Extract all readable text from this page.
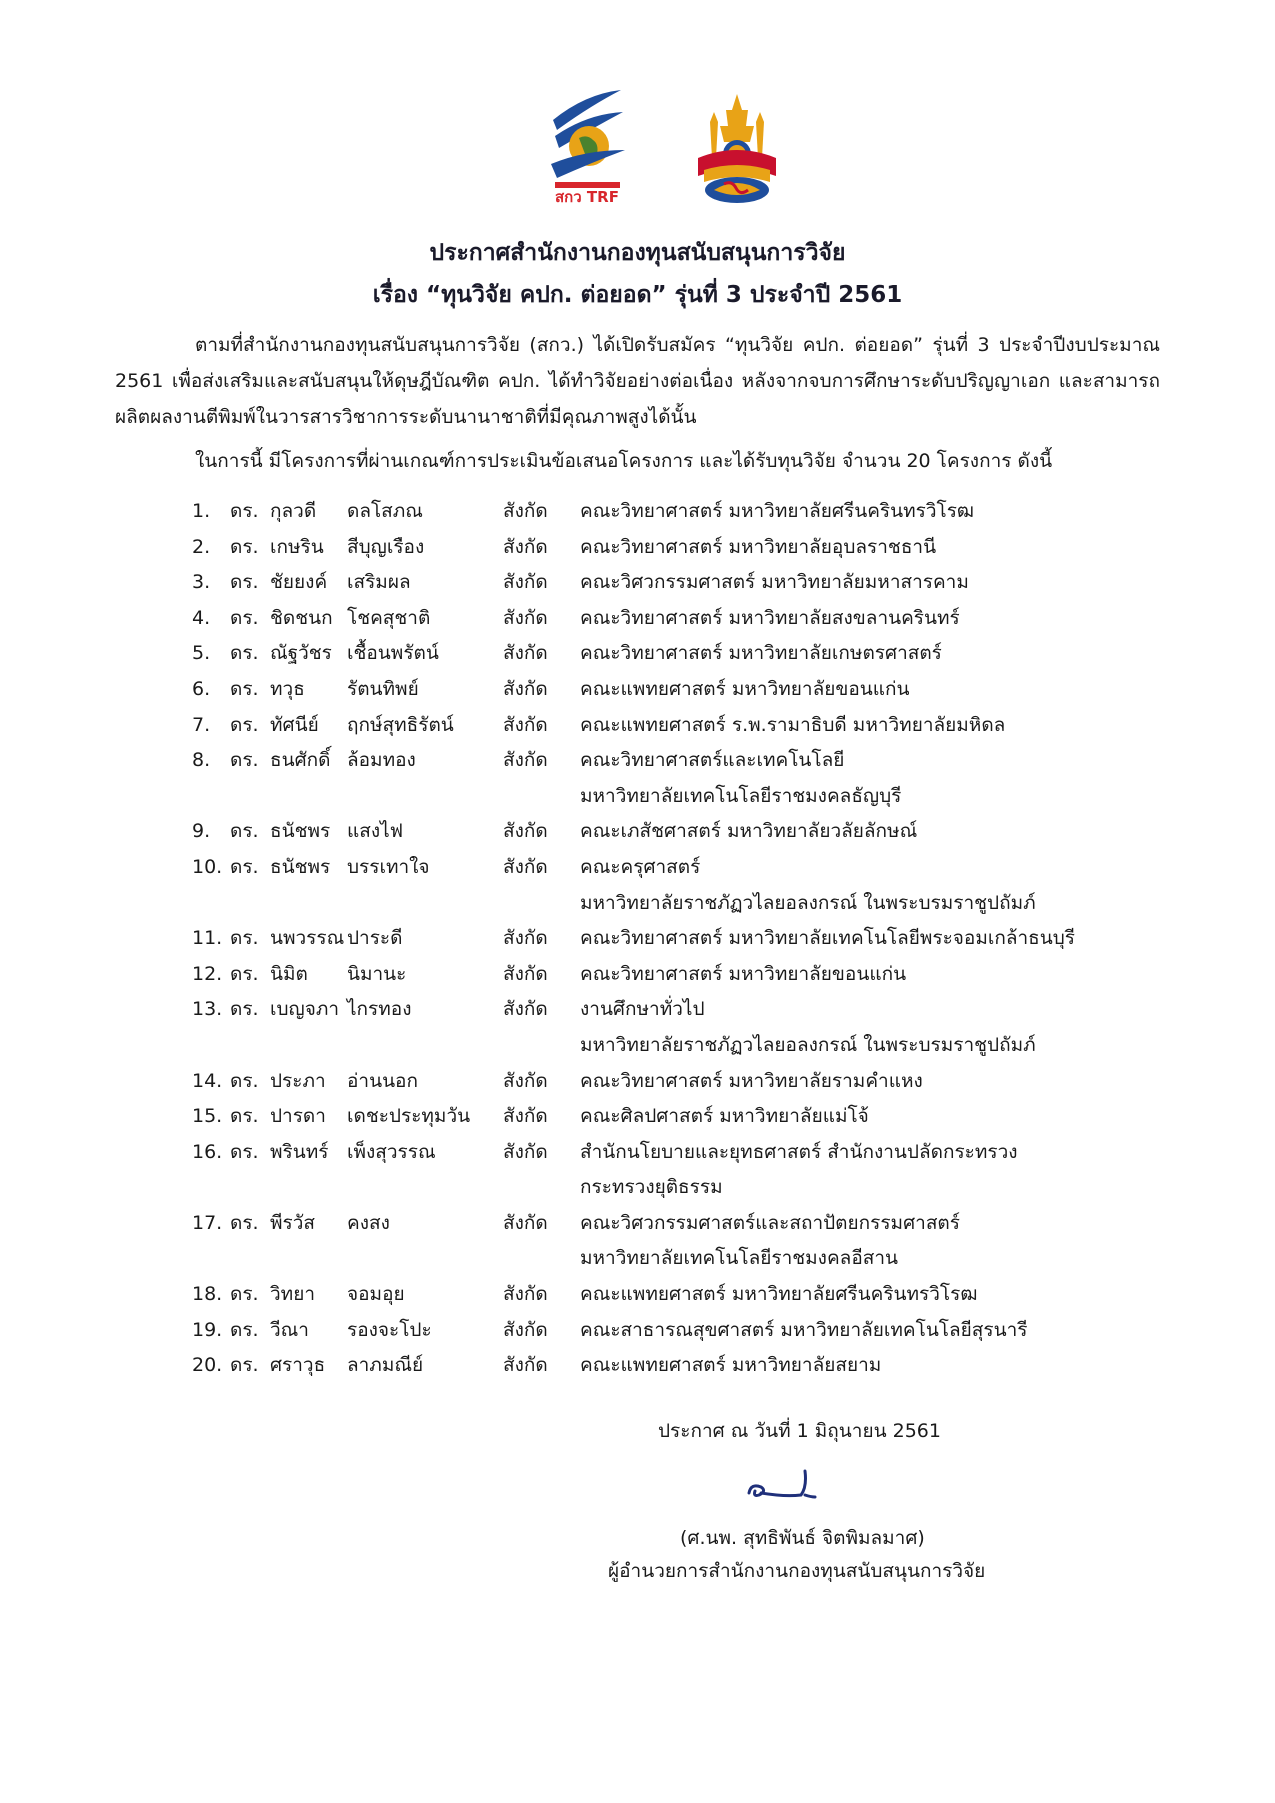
สกว TRF
ประกาศสำนักงานกองทุนสนับสนุนการวิจัย
เรื่อง “ทุนวิจัย คปก. ต่อยอด” รุ่นที่ 3 ประจำปี 2561
ตามที่สำนักงานกองทุนสนับสนุนการวิจัย (สกว.) ได้เปิดรับสมัคร “ทุนวิจัย คปก. ต่อยอด” รุ่นที่ 3 ประจำปีงบประมาณ 2561 เพื่อส่งเสริมและสนับสนุนให้ดุษฎีบัณฑิต คปก. ได้ทำวิจัยอย่างต่อเนื่อง หลังจากจบการศึกษาระดับปริญญาเอก และสามารถผลิตผลงานตีพิมพ์ในวารสารวิชาการระดับนานาชาติที่มีคุณภาพสูงได้นั้น
ในการนี้ มีโครงการที่ผ่านเกณฑ์การประเมินข้อเสนอโครงการ และได้รับทุนวิจัย จำนวน 20 โครงการ ดังนี้
1. ดร. กุลวดี ดลโสภณ	สังกัด คณะวิทยาศาสตร์ มหาวิทยาลัยศรีนครินทรวิโรฒ
2. ดร. เกษริน สีบุญเรือง	สังกัด คณะวิทยาศาสตร์ มหาวิทยาลัยอุบลราชธานี
3. ดร. ชัยยงค์ เสริมผล	สังกัด คณะวิศวกรรมศาสตร์ มหาวิทยาลัยมหาสารคาม
4. ดร. ชิดชนก โชคสุชาติ	สังกัด คณะวิทยาศาสตร์ มหาวิทยาลัยสงขลานครินทร์
5. ดร. ณัฐวัชร เชื้อนพรัตน์	สังกัด คณะวิทยาศาสตร์ มหาวิทยาลัยเกษตรศาสตร์
6. ดร. ทวุธ รัตนทิพย์	สังกัด คณะแพทยศาสตร์ มหาวิทยาลัยขอนแก่น
7. ดร. ทัศนีย์ ฤกษ์สุทธิรัตน์	สังกัด คณะแพทยศาสตร์ ร.พ.รามาธิบดี มหาวิทยาลัยมหิดล
8. ดร. ธนศักดิ์ ล้อมทอง	สังกัด คณะวิทยาศาสตร์และเทคโนโลยี
มหาวิทยาลัยเทคโนโลยีราชมงคลธัญบุรี
9. ดร. ธนัชพร แสงไฟ	สังกัด คณะเภสัชศาสตร์ มหาวิทยาลัยวลัยลักษณ์
10. ดร. ธนัชพร บรรเทาใจ	สังกัด คณะครุศาสตร์
มหาวิทยาลัยราชภัฏวไลยอลงกรณ์ ในพระบรมราชูปถัมภ์
11. ดร. นพวรรณ ปาระดี	สังกัด คณะวิทยาศาสตร์ มหาวิทยาลัยเทคโนโลยีพระจอมเกล้าธนบุรี
12. ดร. นิมิต นิมานะ	สังกัด คณะวิทยาศาสตร์ มหาวิทยาลัยขอนแก่น
13. ดร. เบญจภา ไกรทอง	สังกัด งานศึกษาทั่วไป
มหาวิทยาลัยราชภัฏวไลยอลงกรณ์ ในพระบรมราชูปถัมภ์
14. ดร. ประภา อ่านนอก	สังกัด คณะวิทยาศาสตร์ มหาวิทยาลัยรามคำแหง
15. ดร. ปารดา เดชะประทุมวัน สังกัด คณะศิลปศาสตร์ มหาวิทยาลัยแม่โจ้
16. ดร. พรินทร์ เพ็งสุวรรณ	สังกัด สำนักนโยบายและยุทธศาสตร์ สำนักงานปลัดกระทรวง
กระทรวงยุติธรรม
17. ดร. พีรวัส คงสง	สังกัด คณะวิศวกรรมศาสตร์และสถาปัตยกรรมศาสตร์
มหาวิทยาลัยเทคโนโลยีราชมงคลอีสาน
18. ดร. วิทยา จอมอุย	สังกัด คณะแพทยศาสตร์ มหาวิทยาลัยศรีนครินทรวิโรฒ
19. ดร. วีณา รองจะโปะ	สังกัด คณะสาธารณสุขศาสตร์ มหาวิทยาลัยเทคโนโลยีสุรนารี
20. ดร. ศราวุธ ลาภมณีย์	สังกัด คณะแพทยศาสตร์ มหาวิทยาลัยสยาม
ประกาศ ณ วันที่ 1 มิถุนายน 2561
(ศ.นพ. สุทธิพันธ์ จิตพิมลมาศ)
ผู้อำนวยการสำนักงานกองทุนสนับสนุนการวิจัย
